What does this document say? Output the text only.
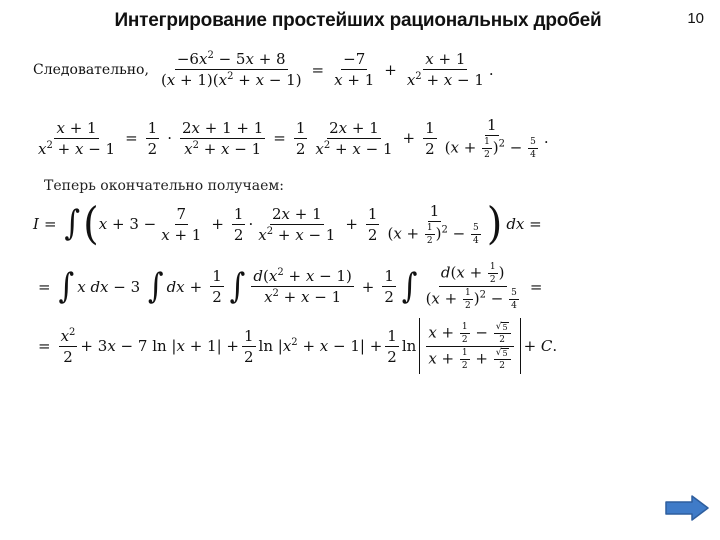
Интегрирование простейших рациональных дробей	10
Следовательно, $\frac{-6x^2 - 5x + 8}{(x + 1)(x^2 + x - 1)} = \frac{-7}{x + 1} + \frac{x + 1}{x^2 + x - 1}$ .
$\frac{x + 1}{x^2 + x - 1} = \frac{1}{2} \cdot \frac{2x + 1 + 1}{x^2 + x - 1} = \frac{1}{2} \frac{2x + 1}{x^2 + x - 1} + \frac{1}{2} \frac{1}{(x + \frac{1}{2} )^2 - \frac{5}{4}}$ .
Теперь окончательно получаем:
I = ∫ ( $x + 3 - \frac{7}{x + 1} + \frac{1}{2} \cdot \frac{2x + 1}{x^2 + x - 1} + \frac{1}{2} \frac{1}{(x + \frac{1}{2} )^2 - \frac{5}{4}}$ ) dx =
= ∫ x dx − 3 ∫ dx + $\frac{1}{2}$ ∫ $\frac{d(x^2 + x - 1)}{x^2 + x - 1} + \frac{1}{2}$ ∫ $\frac{d(x + \frac{1}{2} )}{(x + \frac{1}{2} )^2 - \frac{5}{4}}$ =
= $\frac{x^2}{2} + 3x - 7$ $\ln |x + 1| + \frac{1}{2}$ $\ln |x^2 + x - 1| + \frac{1}{2}$ $\ln \frac{x + \frac{1}{2} - \frac{√ 5}{2}}{x + \frac{1}{2} + \frac{√ 5}{2}} + C$.
